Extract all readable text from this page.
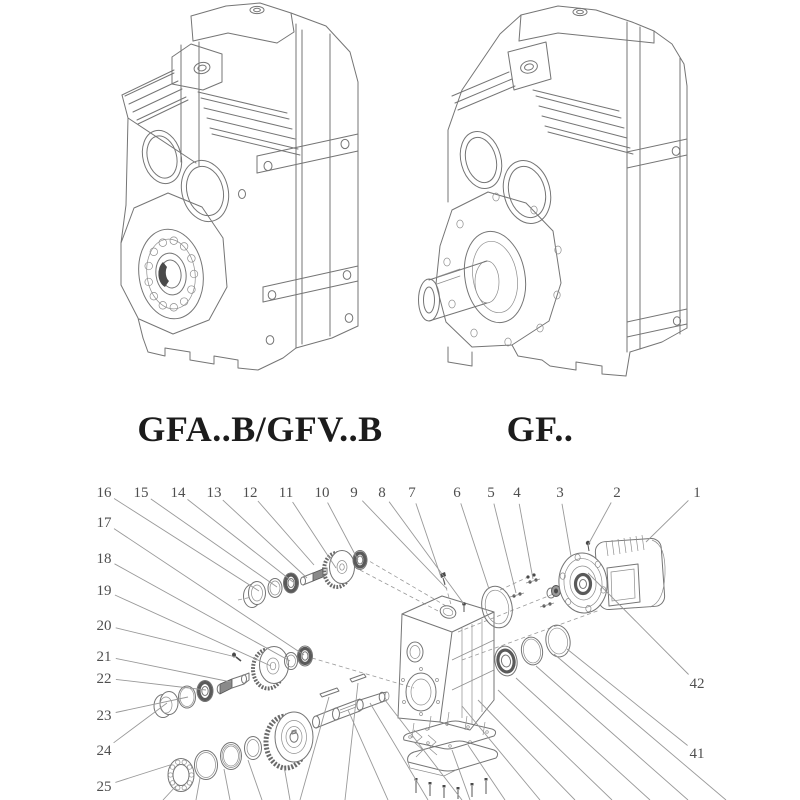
GFA..B/GFV..B	GF..
16 15 14 13 12 11 10 9 8 7	6 5 4 3	2	1
17
18
19
20
21
22
23
24
25
42
41
